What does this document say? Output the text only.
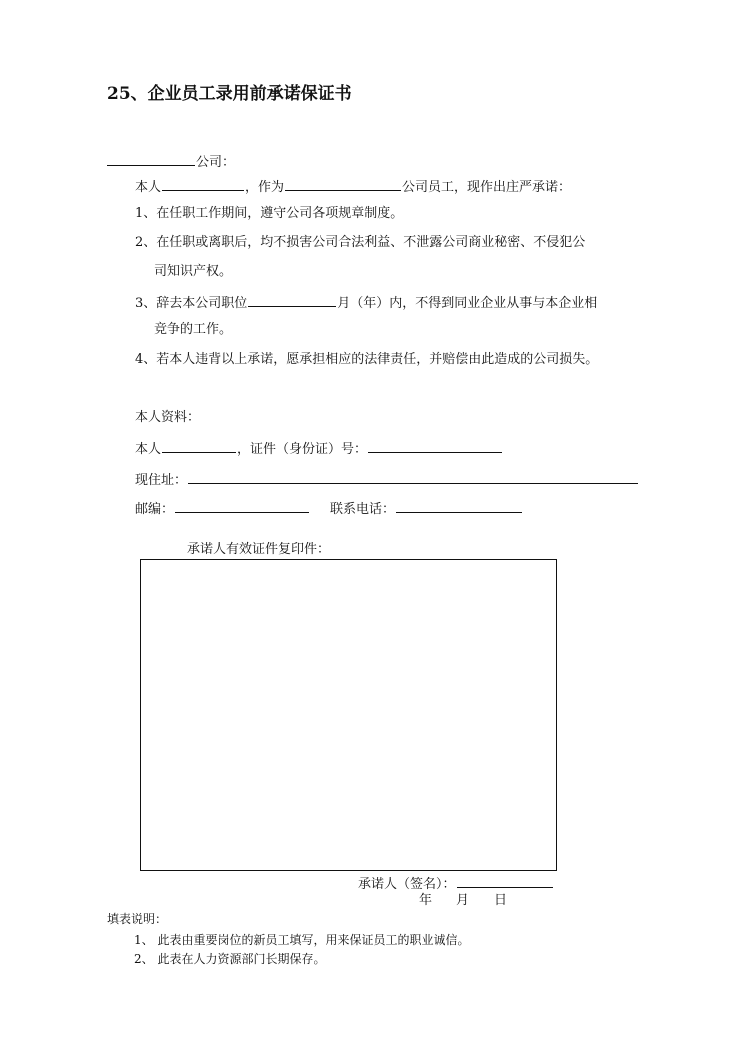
25、企业员工录用前承诺保证书
公司：
本人	，作为	公司员工，现作出庄严承诺：
1、在任职工作期间，遵守公司各项规章制度。
2、在任职或离职后，均不损害公司合法利益、不泄露公司商业秘密、不侵犯公
司知识产权。
3、辞去本公司职位	月（年）内，不得到同业企业从事与本企业相
竞争的工作。
4、若本人违背以上承诺，愿承担相应的法律责任，并赔偿由此造成的公司损失。
本人资料：
本人	，证件（身份证）号：
现住址：
邮编：	联系电话：
承诺人有效证件复印件：
承诺人（签名）：
年 月 日
填表说明：
1、 此表由重要岗位的新员工填写，用来保证员工的职业诚信。
2、 此表在人力资源部门长期保存。
